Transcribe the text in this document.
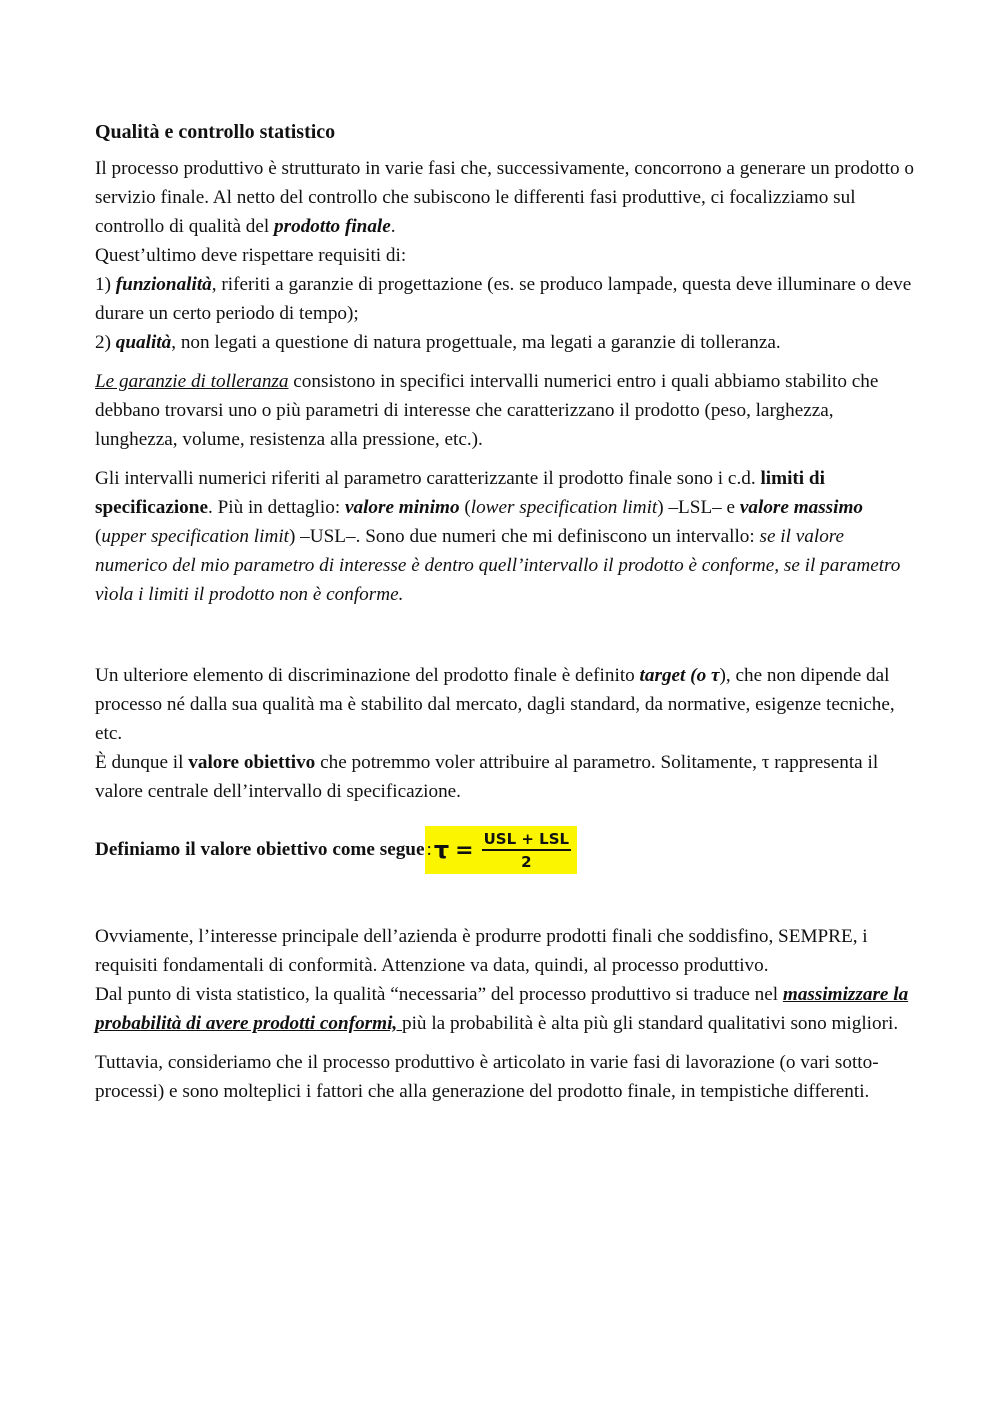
Qualità e controllo statistico
Il processo produttivo è strutturato in varie fasi che, successivamente, concorrono a generare un prodotto o servizio finale. Al netto del controllo che subiscono le differenti fasi produttive, ci focalizziamo sul controllo di qualità del prodotto finale.
Quest’ultimo deve rispettare requisiti di:
1) funzionalità, riferiti a garanzie di progettazione (es. se produco lampade, questa deve illuminare o deve durare un certo periodo di tempo);
2) qualità, non legati a questione di natura progettuale, ma legati a garanzie di tolleranza.
Le garanzie di tolleranza consistono in specifici intervalli numerici entro i quali abbiamo stabilito che debbano trovarsi uno o più parametri di interesse che caratterizzano il prodotto (peso, larghezza, lunghezza, volume, resistenza alla pressione, etc.).
Gli intervalli numerici riferiti al parametro caratterizzante il prodotto finale sono i c.d. limiti di specificazione. Più in dettaglio: valore minimo (lower specification limit) –LSL– e valore massimo (upper specification limit) –USL–. Sono due numeri che mi definiscono un intervallo: se il valore numerico del mio parametro di interesse è dentro quell’intervallo il prodotto è conforme, se il parametro vìola i limiti il prodotto non è conforme.
Un ulteriore elemento di discriminazione del prodotto finale è definito target (o τ), che non dipende dal processo né dalla sua qualità ma è stabilito dal mercato, dagli standard, da normative, esigenze tecniche, etc.
È dunque il valore obiettivo che potremmo voler attribuire al parametro. Solitamente, τ rappresenta il valore centrale dell’intervallo di specificazione.
Definiamo il valore obiettivo come segue : $\tau = \frac{\text{USL + LSL}}{2}$
Ovviamente, l’interesse principale dell’azienda è produrre prodotti finali che soddisfino, SEMPRE, i requisiti fondamentali di conformità. Attenzione va data, quindi, al processo produttivo.
Dal punto di vista statistico, la qualità “necessaria” del processo produttivo si traduce nel massimizzare la probabilità di avere prodotti conformi, più la probabilità è alta più gli standard qualitativi sono migliori.
Tuttavia, consideriamo che il processo produttivo è articolato in varie fasi di lavorazione (o vari sotto-processi) e sono molteplici i fattori che alla generazione del prodotto finale, in tempistiche differenti.
